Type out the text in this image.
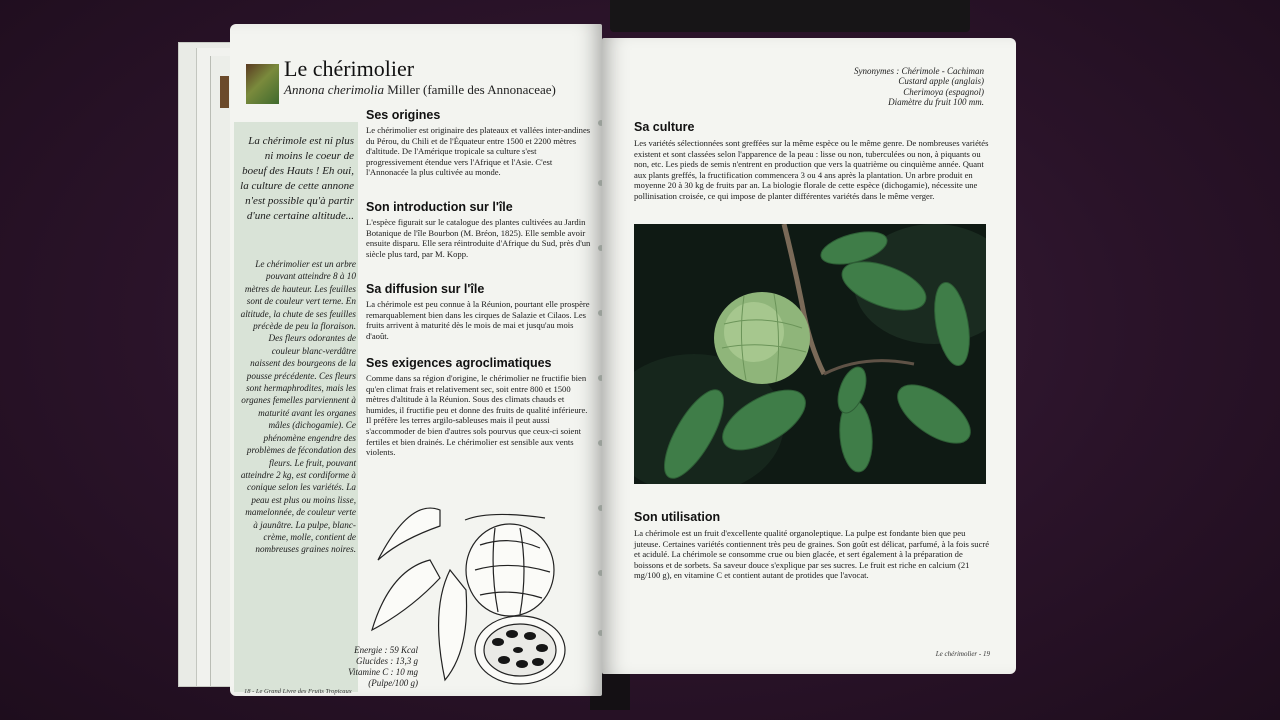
Le chérimolier
Annona cherimolia Miller (famille des Annonaceae)
La chérimole est ni plus ni moins le coeur de boeuf des Hauts ! Eh oui, la culture de cette annone n'est possible qu'à partir d'une certaine altitude...
Le chérimolier est un arbre pouvant atteindre 8 à 10 mètres de hauteur. Les feuilles sont de couleur vert terne. En altitude, la chute de ses feuilles précède de peu la floraison. Des fleurs odorantes de couleur blanc-verdâtre naissent des bourgeons de la pousse précédente. Ces fleurs sont hermaphrodites, mais les organes femelles parviennent à maturité avant les organes mâles (dichogamie). Ce phénomène engendre des problèmes de fécondation des fleurs. Le fruit, pouvant atteindre 2 kg, est cordiforme à conique selon les variétés. La peau est plus ou moins lisse, mamelonnée, de couleur verte à jaunâtre. La pulpe, blanc-crème, molle, contient de nombreuses graines noires.
Ses origines

Le chérimolier est originaire des plateaux et vallées inter-andines du Pérou, du Chili et de l'Équateur entre 1500 et 2200 mètres d'altitude. De l'Amérique tropicale sa culture s'est progressivement étendue vers l'Afrique et l'Asie. C'est l'Annonacée la plus cultivée au monde.

Son introduction sur l'île

L'espèce figurait sur le catalogue des plantes cultivées au Jardin Botanique de l'île Bourbon (M. Bréon, 1825). Elle semble avoir ensuite disparu. Elle sera réintroduite d'Afrique du Sud, près d'un siècle plus tard, par M. Kopp.

Sa diffusion sur l'île

La chérimole est peu connue à la Réunion, pourtant elle prospère remarquablement bien dans les cirques de Salazie et Cilaos. Les fruits arrivent à maturité dès le mois de mai et jusqu'au mois d'août.

Ses exigences agroclimatiques

Comme dans sa région d'origine, le chérimolier ne fructifie bien qu'en climat frais et relativement sec, soit entre 800 et 1500 mètres d'altitude à la Réunion. Sous des climats chauds et humides, il fructifie peu et donne des fruits de qualité inférieure. Il préfère les terres argilo-sableuses mais il peut aussi s'accommoder de bien d'autres sols pourvus que ceux-ci soient fertiles et bien drainés. Le chérimolier est sensible aux vents violents.

Energie : 59 Kcal
Glucides : 13,3 g
Vitamine C : 10 mg
(Pulpe/100 g)
18 - Le Grand Livre des Fruits Tropicaux
Synonymes : Chérimole - Cachiman
Custard apple (anglais)
Cherimoya (espagnol)
Diamètre du fruit 100 mm.
Sa culture

Les variétés sélectionnées sont greffées sur la même espèce ou le même genre. De nombreuses variétés existent et sont classées selon l'apparence de la peau : lisse ou non, tuberculées ou non, à piquants ou non, etc. Les pieds de semis n'entrent en production que vers la quatrième ou cinquième année. Quant aux plants greffés, la fructification commencera 3 ou 4 ans après la plantation. Un arbre produit en moyenne 20 à 30 kg de fruits par an. La biologie florale de cette espèce (dichogamie), nécessite une pollinisation croisée, ce qui impose de planter différentes variétés dans le même verger.

Son utilisation

La chérimole est un fruit d'excellente qualité organoleptique. La pulpe est fondante bien que peu juteuse. Certaines variétés contiennent très peu de graines. Son goût est délicat, parfumé, à la fois sucré et acidulé. La chérimole se consomme crue ou bien glacée, et sert également à la préparation de boissons et de sorbets. Sa saveur douce s'explique par ses sucres. Le fruit est riche en calcium (21 mg/100 g), en vitamine C et contient autant de protides que l'avocat.

Le chérimolier - 19
